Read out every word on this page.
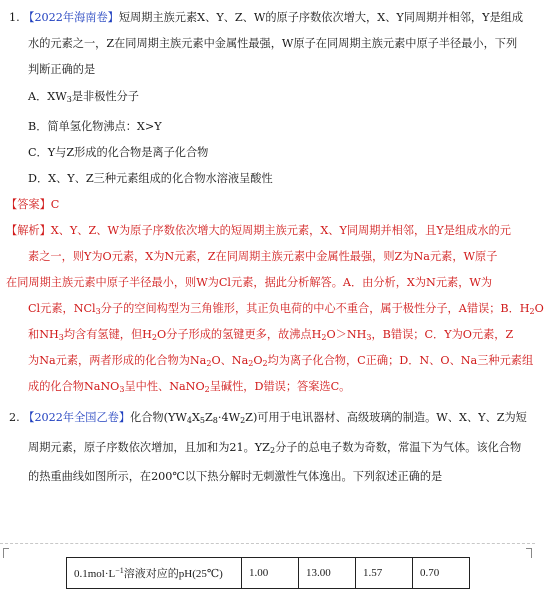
1. 【2022年海南卷】短周期主族元素X、Y、Z、W的原子序数依次增大，X、Y同周期并相邻，Y是组成
水的元素之一，Z在同周期主族元素中金属性最强，W原子在同周期主族元素中原子半径最小，下列
判断正确的是
A．$XW_3$是非极性分子
B．简单氢化物沸点：X>Y
C．Y与Z形成的化合物是离子化合物
D．X、Y、Z三种元素组成的化合物水溶液呈酸性
【答案】C
【解析】X、Y、Z、W为原子序数依次增大的短周期主族元素，X、Y同周期并相邻，且Y是组成水的元
素之一，则Y为O元素，X为N元素，Z在同周期主族元素中金属性最强，则Z为Na元素，W原子
在同周期主族元素中原子半径最小，则W为Cl元素，据此分析解答。A．由分析，X为N元素，W为
Cl元素，NCl$_3$分子的空间构型为三角锥形，其正负电荷的中心不重合，属于极性分子，A错误；B．$H_2O$
和$NH_3$均含有氢键，但$H_2O$分子形成的氢键更多，故沸点$H_2O>NH_3$，B错误；C．Y为O元素，Z
为Na元素，两者形成的化合物为$Na_2O$、$Na_2O_2$均为离子化合物，C正确；D．N、O、Na三种元素组
成的化合物NaNO$_3$呈中性、NaNO$_2$呈碱性，D错误；答案选C。
2. 【2022年全国乙卷】化合物$(YW_4X_5Z_8\cdot 4W_2Z)$可用于电讯器材、高级玻璃的制造。W、X、Y、Z为短
周期元素，原子序数依次增加，且加和为21。$YZ_2$分子的总电子数为奇数，常温下为气体。该化合物
的热重曲线如图所示，在200℃以下热分解时无刺激性气体逸出。下列叙述正确的是
$0.1mol\cdot L^{-1}$溶液对应的pH(25℃)	1.00	13.00	1.57	0.70
